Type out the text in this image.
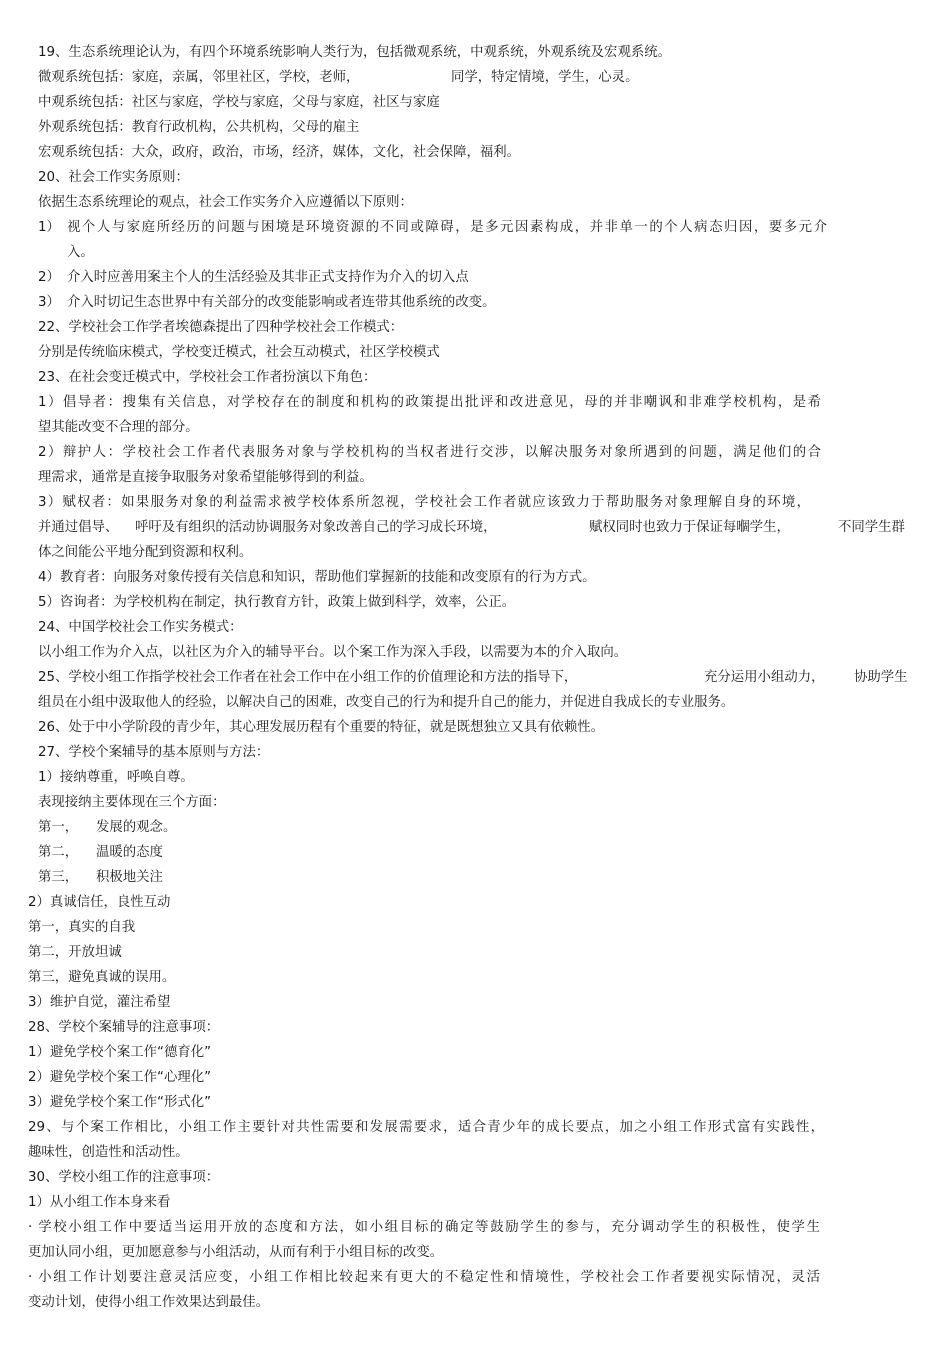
19、生态系统理论认为，有四个环境系统影响人类行为，包括微观系统，中观系统，外观系统及宏观系统。
微观系统包括：家庭，亲属，邻里社区，学校，老师，	同学，特定情境，学生，心灵。
中观系统包括：社区与家庭，学校与家庭，父母与家庭，社区与家庭
外观系统包括：教育行政机构，公共机构，父母的雇主
宏观系统包括：大众，政府，政治，市场，经济，媒体，文化，社会保障，福利。
20、社会工作实务原则：
依据生态系统理论的观点，社会工作实务介入应遵循以下原则：
1） 视个人与家庭所经历的问题与困境是环境资源的不同或障碍，是多元因素构成，并非单一的个人病态归因，要多元介
入。
2） 介入时应善用案主个人的生活经验及其非正式支持作为介入的切入点
3） 介入时切记生态世界中有关部分的改变能影响或者连带其他系统的改变。
22、学校社会工作学者埃德森提出了四种学校社会工作模式：
分别是传统临床模式，学校变迁模式，社会互动模式，社区学校模式
23、在社会变迁模式中，学校社会工作者扮演以下角色：
1）倡导者：搜集有关信息，对学校存在的制度和机构的政策提出批评和改进意见，母的并非嘲讽和非难学校机构，是希
望其能改变不合理的部分。
2）辩护人：学校社会工作者代表服务对象与学校机构的当权者进行交涉，以解决服务对象所遇到的问题，满足他们的合
理需求，通常是直接争取服务对象希望能够得到的利益。
3）赋权者：如果服务对象的利益需求被学校体系所忽视，学校社会工作者就应该致力于帮助服务对象理解自身的环境，
并通过倡导、 呼吁及有组织的活动协调服务对象改善自己的学习成长环境，	赋权同时也致力于保证每嗰学生，	不同学生群
体之间能公平地分配到资源和权利。
4）教育者：向服务对象传授有关信息和知识，帮助他们掌握新的技能和改变原有的行为方式。
5）咨询者：为学校机构在制定，执行教育方针，政策上做到科学，效率，公正。
24、中国学校社会工作实务模式：
以小组工作为介入点，以社区为介入的辅导平台。以个案工作为深入手段，以需要为本的介入取向。
25、学校小组工作指学校社会工作者在社会工作中在小组工作的价值理论和方法的指导下，	充分运用小组动力， 协助学生
组员在小组中汲取他人的经验，以解决自己的困难，改变自己的行为和提升自己的能力，并促进自我成长的专业服务。
26、处于中小学阶段的青少年，其心理发展历程有个重要的特征，就是既想独立又具有依赖性。
27、学校个案辅导的基本原则与方法：
1）接纳尊重，呼唤自尊。
表现接纳主要体现在三个方面：
第一， 发展的观念。
第二， 温暖的态度
第三， 积极地关注
2）真诚信任，良性互动
第一，真实的自我
第二，开放坦诚
第三，避免真诚的误用。
3）维护自觉，灌注希望
28、学校个案辅导的注意事项：
1）避免学校个案工作“德育化”
2）避免学校个案工作“心理化”
3）避免学校个案工作“形式化”
29、与个案工作相比，小组工作主要针对共性需要和发展需要求，适合青少年的成长要点，加之小组工作形式富有实践性，
趣味性，创造性和活动性。
30、学校小组工作的注意事项：
1）从小组工作本身来看
· 学校小组工作中要适当运用开放的态度和方法，如小组目标的确定等鼓励学生的参与，充分调动学生的积极性，使学生
更加认同小组，更加愿意参与小组活动，从而有利于小组目标的改变。
· 小组工作计划要注意灵活应变，小组工作相比较起来有更大的不稳定性和情境性，学校社会工作者要视实际情况，灵活
变动计划，使得小组工作效果达到最佳。
